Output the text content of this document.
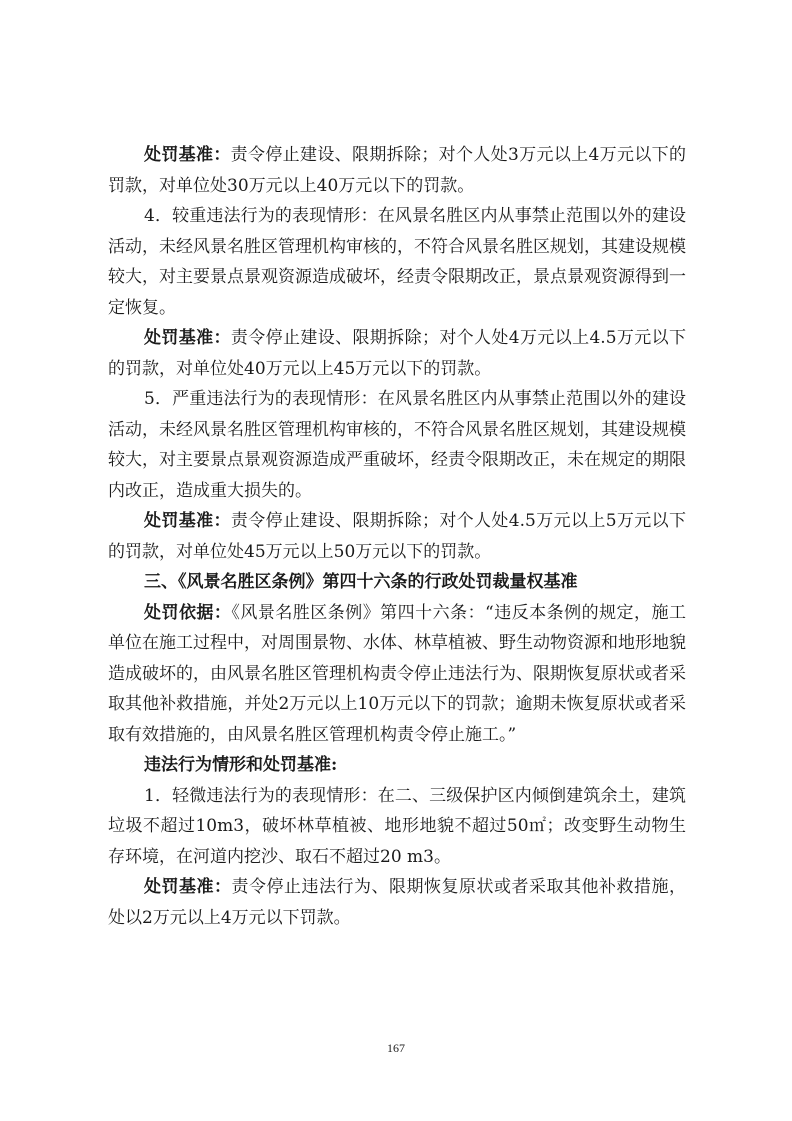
处罚基准：责令停止建设、限期拆除；对个人处3万元以上4万元以下的罚款，对单位处30万元以上40万元以下的罚款。

4．较重违法行为的表现情形：在风景名胜区内从事禁止范围以外的建设活动，未经风景名胜区管理机构审核的，不符合风景名胜区规划，其建设规模较大，对主要景点景观资源造成破坏，经责令限期改正，景点景观资源得到一定恢复。

处罚基准：责令停止建设、限期拆除；对个人处4万元以上4.5万元以下的罚款，对单位处40万元以上45万元以下的罚款。

5．严重违法行为的表现情形：在风景名胜区内从事禁止范围以外的建设活动，未经风景名胜区管理机构审核的，不符合风景名胜区规划，其建设规模较大，对主要景点景观资源造成严重破坏，经责令限期改正，未在规定的期限内改正，造成重大损失的。

处罚基准：责令停止建设、限期拆除；对个人处4.5万元以上5万元以下的罚款，对单位处45万元以上50万元以下的罚款。

三、《风景名胜区条例》第四十六条的行政处罚裁量权基准

处罚依据：《风景名胜区条例》第四十六条：“违反本条例的规定，施工单位在施工过程中，对周围景物、水体、林草植被、野生动物资源和地形地貌造成破坏的，由风景名胜区管理机构责令停止违法行为、限期恢复原状或者采取其他补救措施，并处2万元以上10万元以下的罚款；逾期未恢复原状或者采取有效措施的，由风景名胜区管理机构责令停止施工。”

违法行为情形和处罚基准:

1．轻微违法行为的表现情形：在二、三级保护区内倾倒建筑余土，建筑垃圾不超过10m3，破坏林草植被、地形地貌不超过50㎡；改变野生动物生存环境，在河道内挖沙、取石不超过20 m3。

处罚基准：责令停止违法行为、限期恢复原状或者采取其他补救措施，处以2万元以上4万元以下罚款。

167
